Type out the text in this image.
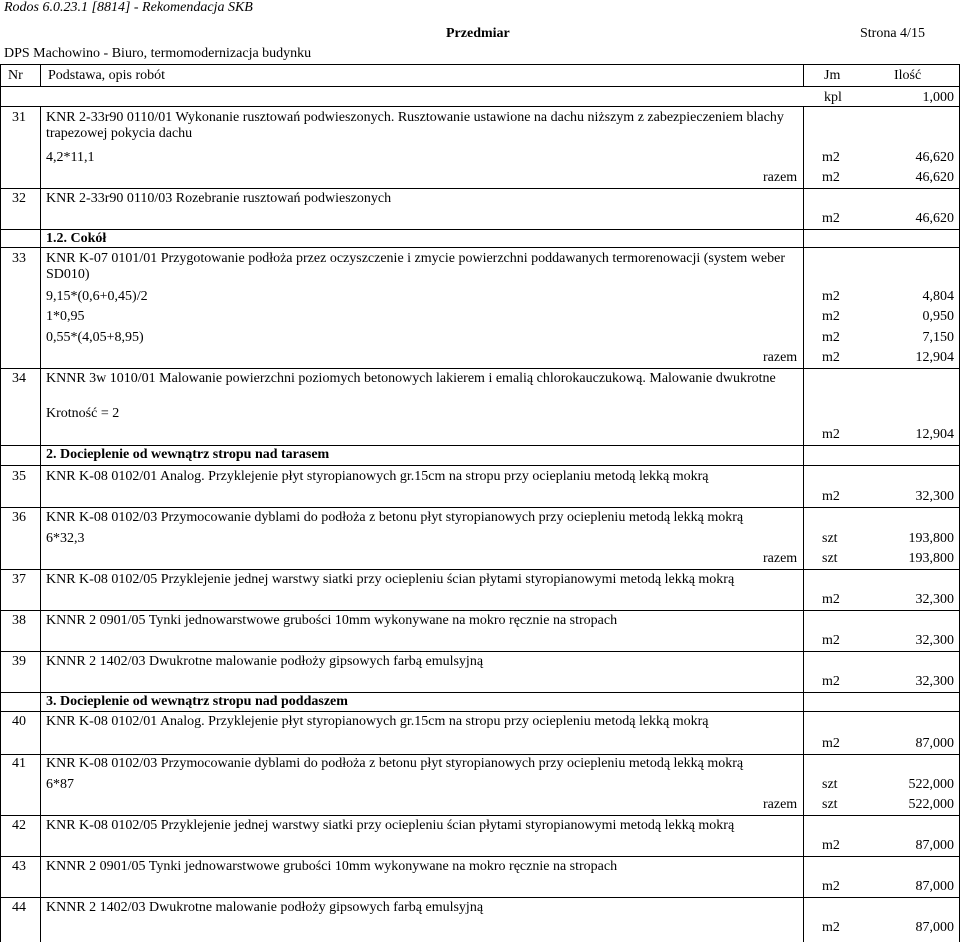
Rodos 6.0.23.1 [8814] - Rekomendacja SKB
Przedmiar	Strona 4/15
DPS Machowino - Biuro, termomodernizacja budynku
Nr Podstawa, opis robót	Jm	Ilość
kpl	1,000
31 KNR 2-33r90 0110/01 Wykonanie rusztowań podwieszonych. Rusztowanie ustawione na dachu niższym z zabezpieczeniem blachy trapezowej pokycia dachu
4,2*11,1	m2	46,620
razem m2	46,620
32 KNR 2-33r90 0110/03 Rozebranie rusztowań podwieszonych
m2	46,620
1.2. Cokół
33 KNR K-07 0101/01 Przygotowanie podłoża przez oczyszczenie i zmycie powierzchni poddawanych termorenowacji (system weber SD010)
9,15*(0,6+0,45)/2	m2	4,804
1*0,95	m2	0,950
0,55*(4,05+8,95)	m2	7,150
razem m2	12,904
34 KNNR 3w 1010/01 Malowanie powierzchni poziomych betonowych lakierem i emalią chlorokauczukową. Malowanie dwukrotne
Krotność = 2
m2	12,904
2. Docieplenie od wewnątrz stropu nad tarasem
35 KNR K-08 0102/01 Analog. Przyklejenie płyt styropianowych gr.15cm na stropu przy ocieplaniu metodą lekką mokrą
m2	32,300
36 KNR K-08 0102/03 Przymocowanie dyblami do podłoża z betonu płyt styropianowych przy ociepleniu metodą lekką mokrą
6*32,3	szt	193,800
razem szt	193,800
37 KNR K-08 0102/05 Przyklejenie jednej warstwy siatki przy ociepleniu ścian płytami styropianowymi metodą lekką mokrą
m2	32,300
38 KNNR 2 0901/05 Tynki jednowarstwowe grubości 10mm wykonywane na mokro ręcznie na stropach
m2	32,300
39 KNNR 2 1402/03 Dwukrotne malowanie podłoży gipsowych farbą emulsyjną
m2	32,300
3. Docieplenie od wewnątrz stropu nad poddaszem
40 KNR K-08 0102/01 Analog. Przyklejenie płyt styropianowych gr.15cm na stropu przy ociepleniu metodą lekką mokrą
m2	87,000
41 KNR K-08 0102/03 Przymocowanie dyblami do podłoża z betonu płyt styropianowych przy ociepleniu metodą lekką mokrą
6*87	szt	522,000
razem szt	522,000
42 KNR K-08 0102/05 Przyklejenie jednej warstwy siatki przy ociepleniu ścian płytami styropianowymi metodą lekką mokrą
m2	87,000
43 KNNR 2 0901/05 Tynki jednowarstwowe grubości 10mm wykonywane na mokro ręcznie na stropach
m2	87,000
44 KNNR 2 1402/03 Dwukrotne malowanie podłoży gipsowych farbą emulsyjną
m2	87,000
